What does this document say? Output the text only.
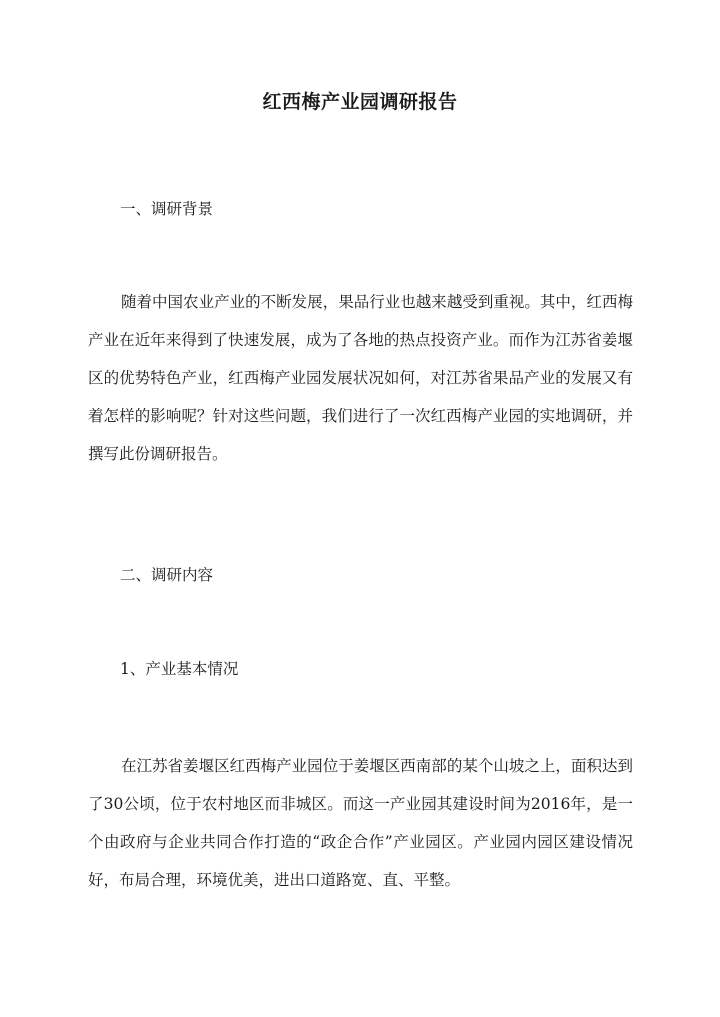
红西梅产业园调研报告
一、调研背景

随着中国农业产业的不断发展，果品行业也越来越受到重视。其中，红西梅产业在近年来得到了快速发展，成为了各地的热点投资产业。而作为江苏省姜堰区的优势特色产业，红西梅产业园发展状况如何，对江苏省果品产业的发展又有着怎样的影响呢？针对这些问题，我们进行了一次红西梅产业园的实地调研，并撰写此份调研报告。

二、调研内容
1、产业基本情况

在江苏省姜堰区红西梅产业园位于姜堰区西南部的某个山坡之上，面积达到了30公顷，位于农村地区而非城区。而这一产业园其建设时间为2016年，是一个由政府与企业共同合作打造的“政企合作”产业园区。产业园内园区建设情况好，布局合理，环境优美，进出口道路宽、直、平整。
